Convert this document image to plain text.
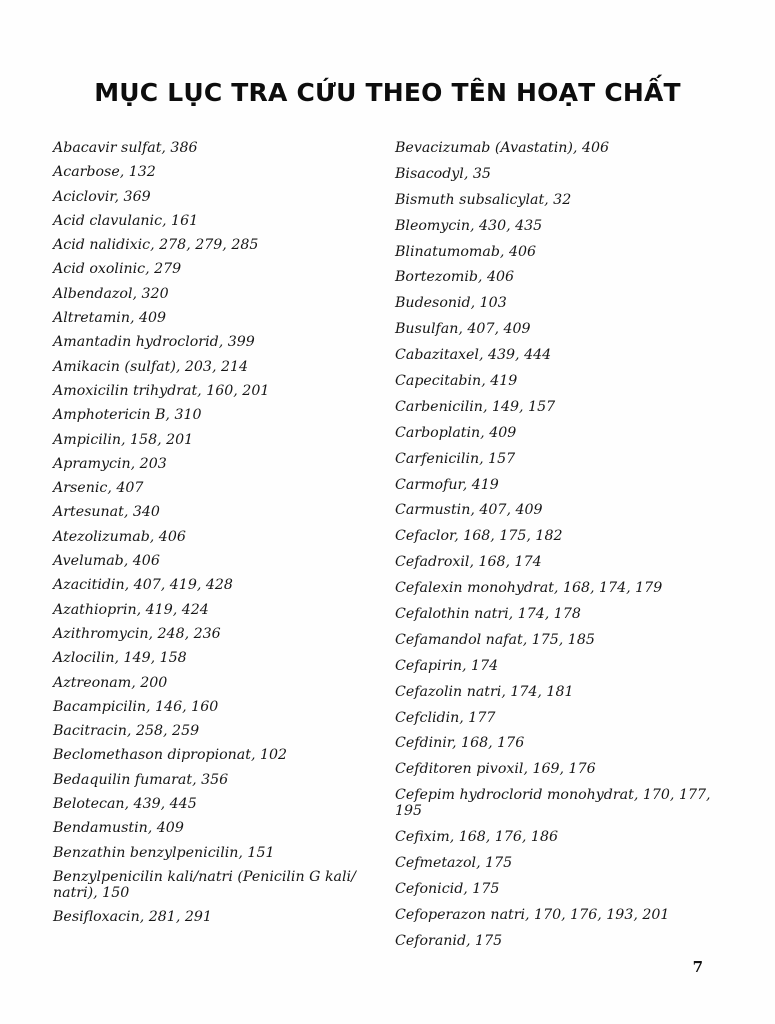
MỤC LỤC TRA CỨU THEO TÊN HOẠT CHẤT
Abacavir sulfat, 386
Acarbose, 132
Aciclovir, 369
Acid clavulanic, 161
Acid nalidixic, 278, 279, 285
Acid oxolinic, 279
Albendazol, 320
Altretamin, 409
Amantadin hydroclorid, 399
Amikacin (sulfat), 203, 214
Amoxicilin trihydrat, 160, 201
Amphotericin B, 310
Ampicilin, 158, 201
Apramycin, 203
Arsenic, 407
Artesunat, 340
Atezolizumab, 406
Avelumab, 406
Azacitidin, 407, 419, 428
Azathioprin, 419, 424
Azithromycin, 248, 236
Azlocilin, 149, 158
Aztreonam, 200
Bacampicilin, 146, 160
Bacitracin, 258, 259
Beclomethason dipropionat, 102
Bedaquilin fumarat, 356
Belotecan, 439, 445
Bendamustin, 409
Benzathin benzylpenicilin, 151
Benzylpenicilin kali/natri (Penicilin G kali/ natri), 150
Besifloxacin, 281, 291
Bevacizumab (Avastatin), 406
Bisacodyl, 35
Bismuth subsalicylat, 32
Bleomycin, 430, 435
Blinatumomab, 406
Bortezomib, 406
Budesonid, 103
Busulfan, 407, 409
Cabazitaxel, 439, 444
Capecitabin, 419
Carbenicilin, 149, 157
Carboplatin, 409
Carfenicilin, 157
Carmofur, 419
Carmustin, 407, 409
Cefaclor, 168, 175, 182
Cefadroxil, 168, 174
Cefalexin monohydrat, 168, 174, 179
Cefalothin natri, 174, 178
Cefamandol nafat, 175, 185
Cefapirin, 174
Cefazolin natri, 174, 181
Cefclidin, 177
Cefdinir, 168, 176
Cefditoren pivoxil, 169, 176
Cefepim hydroclorid monohydrat, 170, 177, 195
Cefixim, 168, 176, 186
Cefmetazol, 175
Cefonicid, 175
Cefoperazon natri, 170, 176, 193, 201
Ceforanid, 175
7
